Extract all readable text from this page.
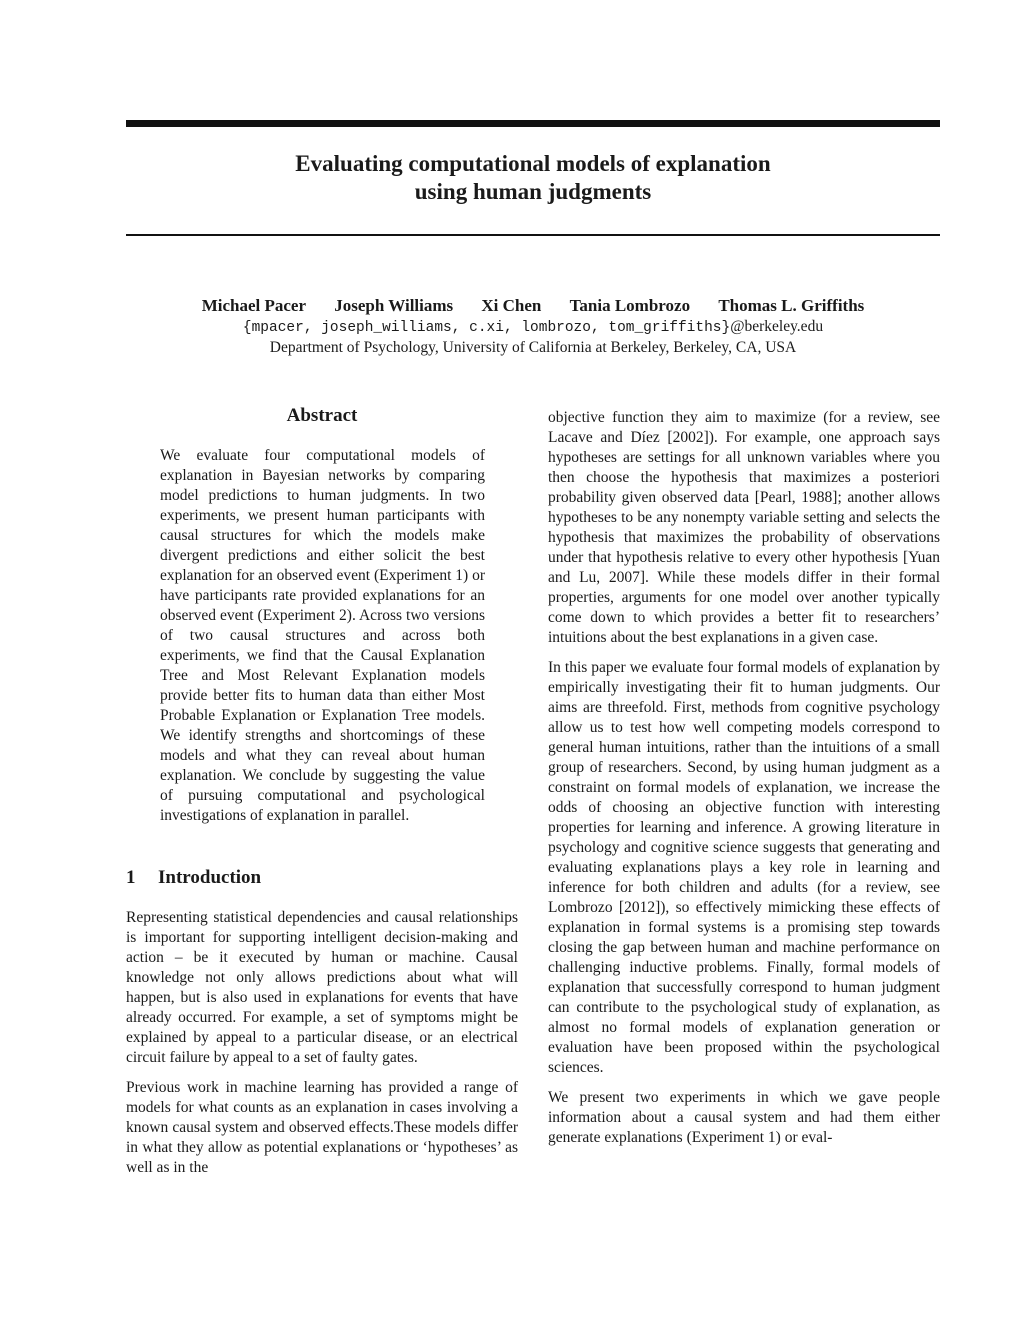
Evaluating computational models of explanation
using human judgments
Michael Pacer Joseph Williams Xi Chen Tania Lombrozo Thomas L. Griffiths
{mpacer, joseph_williams, c.xi, lombrozo, tom_griffiths}@berkeley.edu
Department of Psychology, University of California at Berkeley, Berkeley, CA, USA
Abstract

We evaluate four computational models of explanation in Bayesian networks by comparing model predictions to human judgments. In two experiments, we present human participants with causal structures for which the models make divergent predictions and either solicit the best explanation for an observed event (Experiment 1) or have participants rate provided explanations for an observed event (Experiment 2). Across two versions of two causal structures and across both experiments, we find that the Causal Explanation Tree and Most Relevant Explanation models provide better fits to human data than either Most Probable Explanation or Explanation Tree models. We identify strengths and shortcomings of these models and what they can reveal about human explanation. We conclude by suggesting the value of pursuing computational and psychological investigations of explanation in parallel.

1 Introduction

Representing statistical dependencies and causal relationships is important for supporting intelligent decision-making and action – be it executed by human or machine. Causal knowledge not only allows predictions about what will happen, but is also used in explanations for events that have already occurred. For example, a set of symptoms might be explained by appeal to a particular disease, or an electrical circuit failure by appeal to a set of faulty gates.

Previous work in machine learning has provided a range of models for what counts as an explanation in cases involving a known causal system and observed effects.These models differ in what they allow as potential explanations or ‘hypotheses’ as well as in the

objective function they aim to maximize (for a review, see Lacave and Díez [2002]). For example, one approach says hypotheses are settings for all unknown variables where you then choose the hypothesis that maximizes a posteriori probability given observed data [Pearl, 1988]; another allows hypotheses to be any nonempty variable setting and selects the hypothesis that maximizes the probability of observations under that hypothesis relative to every other hypothesis [Yuan and Lu, 2007]. While these models differ in their formal properties, arguments for one model over another typically come down to which provides a better fit to researchers’ intuitions about the best explanations in a given case.

In this paper we evaluate four formal models of explanation by empirically investigating their fit to human judgments. Our aims are threefold. First, methods from cognitive psychology allow us to test how well competing models correspond to general human intuitions, rather than the intuitions of a small group of researchers. Second, by using human judgment as a constraint on formal models of explanation, we increase the odds of choosing an objective function with interesting properties for learning and inference. A growing literature in psychology and cognitive science suggests that generating and evaluating explanations plays a key role in learning and inference for both children and adults (for a review, see Lombrozo [2012]), so effectively mimicking these effects of explanation in formal systems is a promising step towards closing the gap between human and machine performance on challenging inductive problems. Finally, formal models of explanation that successfully correspond to human judgment can contribute to the psychological study of explanation, as almost no formal models of explanation generation or evaluation have been proposed within the psychological sciences.

We present two experiments in which we gave people information about a causal system and had them either generate explanations (Experiment 1) or eval-
